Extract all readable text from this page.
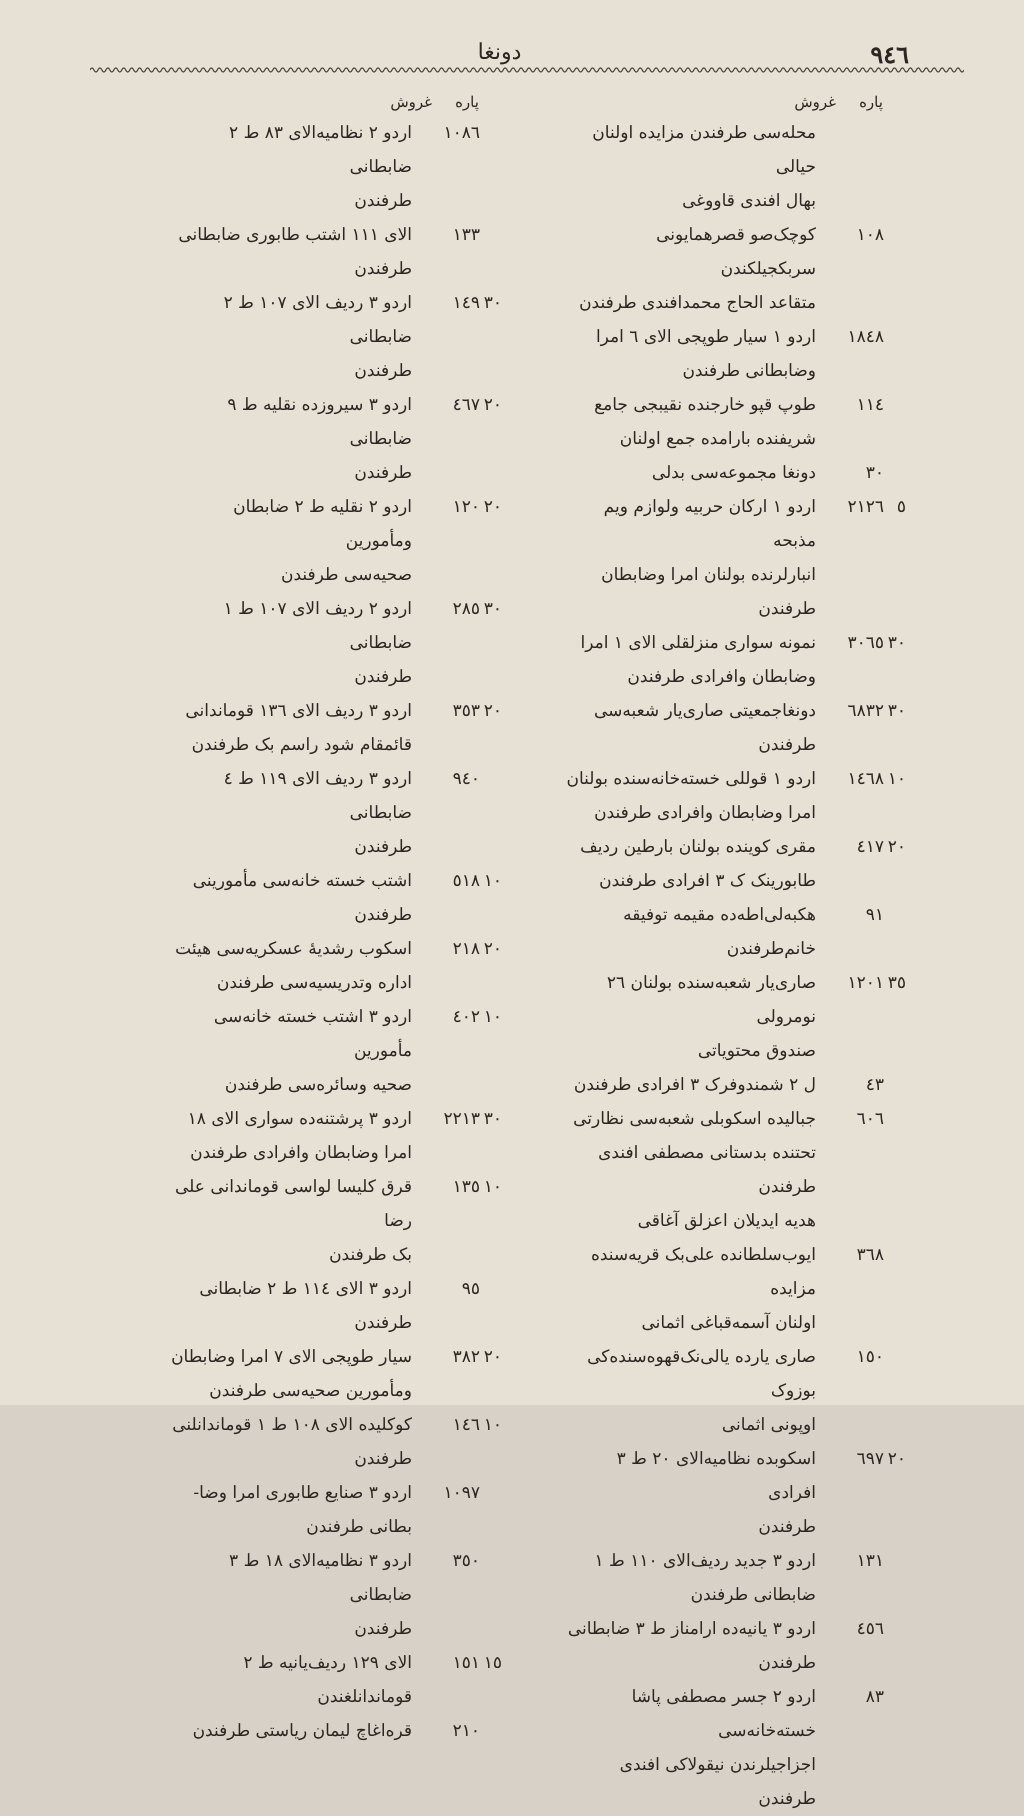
دونغا	٩٤٦
پاره
غروش
محله‌سی طرفندن مزایده اولنان حیالی
بهال افندی قاووغی
١٠٨
کوچک‌صو قصرهمایونی سربکجیلکندن
متقاعد الحاج محمدافندی طرفندن
١٨٤٨
اردو ١ سیار طوپجی الای ٦ امرا
وضابطانی طرفندن
١١٤
طوپ قپو خارجنده نقیبجی جامع
شریفنده بارامده جمع اولنان
٣٠
دونغا مجموعه‌سی بدلی
٥
٢١٢٦
اردو ١ ارکان حربیه ولوازم ویم مذبحه
انبارلرنده بولنان امرا وضابطان طرفندن
٣٠
٣٠٦٥
نمونه سواری منزلقلی الای ١ امرا
وضابطان وافرادی طرفندن
٣٠
٦٨٣٢
دونغاجمعیتی صاری‌یار شعبه‌سی طرفندن
١٠
١٤٦٨
اردو ١ قوللی خسته‌خانه‌سنده بولنان
امرا وضابطان وافرادی طرفندن
٢٠
٤١٧
مقری کوینده بولنان بارطین ردیف
طابورینک ک ٣ افرادی طرفندن
٩١
هکبه‌لی‌اطه‌ده مقیمه توفیقه خانم‌طرفندن
٣٥
١٢٠١
صاری‌یار شعبه‌سنده بولنان ٢٦ نومرولی
صندوق محتویاتی
٤٣
ل ٢ شمندوفرک ٣ افرادی طرفندن
٦٠٦
جبالیده اسکوبلی شعبه‌سی نظارتی
تحتنده بدستانی مصطفی افندی طرفندن
هدیه ایدیلان اعزلق آغاقی
٣٦٨
ایوب‌سلطانده علی‌بک قریه‌سنده مزایده
اولنان آسمه‌قباغی اثمانی
١٥٠
صاری یارده یالی‌نک‌قهوه‌سنده‌کی بوزوک
اوپونی اثمانی
٢٠
٦٩٧
اسکوبده نظامیه‌الای ٢٠ ط ٣ افرادی
طرفندن
١٣١
اردو ٣ جدید ردیف‌الای ١١٠ ط ١
ضابطانی طرفندن
٤٥٦
اردو ٣ یانیه‌ده ارامناز ط ٣ ضابطانی
طرفندن
٨٣
اردو ٢ جسر مصطفی پاشا خسته‌خانه‌سی
اجزاجیلرندن نیقولاکی افندی طرفندن
پاره
غروش
١٠٨٦
اردو ٢ نظامیه‌الای ٨٣ ط ٢ ضابطانی
طرفندن
١٣٣
الای ١١١ اشتب طابوری ضابطانی
طرفندن
٣٠
١٤٩
اردو ٣ ردیف الای ١٠٧ ط ٢ ضابطانی
طرفندن
٢٠
٤٦٧
اردو ٣ سیروزده نقلیه ط ٩ ضابطانی
طرفندن
٢٠
١٢٠
اردو ٢ نقلیه ط ٢ ضابطان ومأمورین
صحیه‌سی طرفندن
٣٠
٢٨٥
اردو ٢ ردیف الای ١٠٧ ط ١ ضابطانی
طرفندن
٢٠
٣٥٣
اردو ٣ ردیف الای ١٣٦ قوماندانی
قائمقام شود راسم بک طرفندن
٩٤٠
اردو ٣ ردیف الای ١١٩ ط ٤ ضابطانی
طرفندن
١٠
٥١٨
اشتب خسته خانه‌سی مأمورینی طرفندن
٢٠
٢١٨
اسکوب رشدیهٔ عسکریه‌سی هیئت
اداره وتدریسیه‌سی طرفندن
١٠
٤٠٢
اردو ٣ اشتب خسته خانه‌سی مأمورین
صحیه وسائره‌سی طرفندن
٣٠
٢٢١٣
اردو ٣ پرشتنه‌ده سواری الای ١٨
امرا وضابطان وافرادی طرفندن
١٠
١٣٥
قرق کلیسا لواسی قوماندانی علی رضا
بک طرفندن
٩٥
اردو ٣ الای ١١٤ ط ٢ ضابطانی
طرفندن
٢٠
٣٨٢
سیار طوپجی الای ٧ امرا وضابطان
ومأمورین صحیه‌سی طرفندن
١٠
١٤٦
کوکلیده الای ١٠٨ ط ١ قوماندانلنی
طرفندن
١٠٩٧
اردو ٣ صنایع طابوری امرا وضا-
بطانی طرفندن
٣٥٠
اردو ٣ نظامیه‌الای ١٨ ط ٣ ضابطانی
طرفندن
١٥
١٥١
الای ١٢٩ ردیف‌یانیه ط ٢ قوماندانلغندن
٢١٠
قره‌اغاچ لیمان ریاستی طرفندن
